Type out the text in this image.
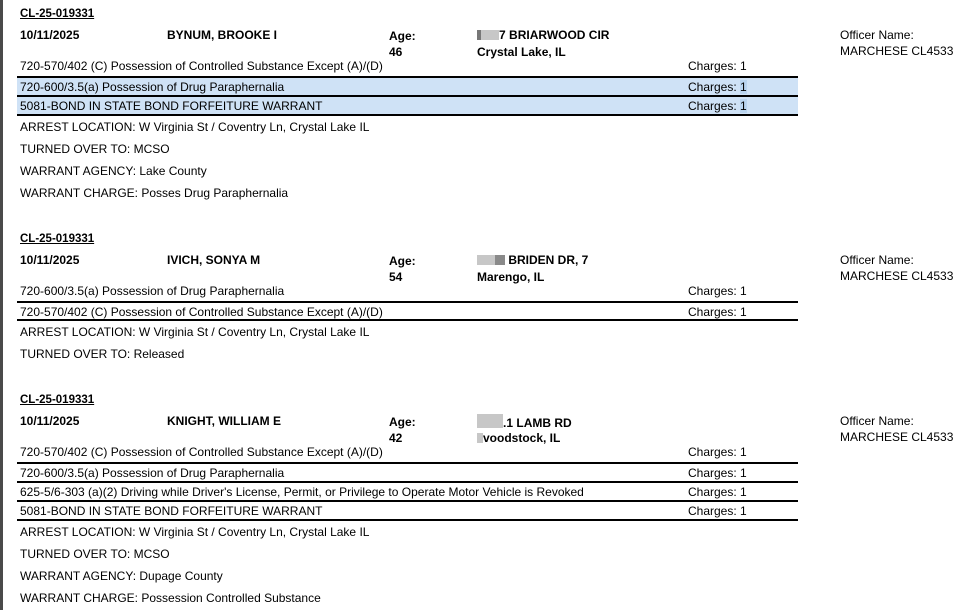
CL-25-019331
10/11/2025	BYNUM, BROOKE I	Age:
46
7 BRIARWOOD CIR
Crystal Lake, IL
Officer Name:
MARCHESE CL4533
720-570/402 (C) Possession of Controlled Substance Except (A)/(D)	Charges: 1
720-600/3.5(a) Possession of Drug Paraphernalia	Charges: 1
5081-BOND IN STATE BOND FORFEITURE WARRANT	Charges: 1
ARREST LOCATION: W Virginia St / Coventry Ln, Crystal Lake IL
TURNED OVER TO: MCSO
WARRANT AGENCY: Lake County
WARRANT CHARGE: Posses Drug Paraphernalia
CL-25-019331
10/11/2025	IVICH, SONYA M	Age:
54
BRIDEN DR, 7
Marengo, IL
Officer Name:
MARCHESE CL4533
720-600/3.5(a) Possession of Drug Paraphernalia	Charges: 1
720-570/402 (C) Possession of Controlled Substance Except (A)/(D)	Charges: 1
ARREST LOCATION: W Virginia St / Coventry Ln, Crystal Lake IL
TURNED OVER TO: Released
CL-25-019331
10/11/2025	KNIGHT, WILLIAM E	Age:
42
.1 LAMB RD
voodstock, IL
Officer Name:
MARCHESE CL4533
720-570/402 (C) Possession of Controlled Substance Except (A)/(D)	Charges: 1
720-600/3.5(a) Possession of Drug Paraphernalia	Charges: 1
625-5/6-303 (a)(2) Driving while Driver's License, Permit, or Privilege to Operate Motor Vehicle is Revoked	Charges: 1
5081-BOND IN STATE BOND FORFEITURE WARRANT	Charges: 1
ARREST LOCATION: W Virginia St / Coventry Ln, Crystal Lake IL
TURNED OVER TO: MCSO
WARRANT AGENCY: Dupage County
WARRANT CHARGE: Possession Controlled Substance
